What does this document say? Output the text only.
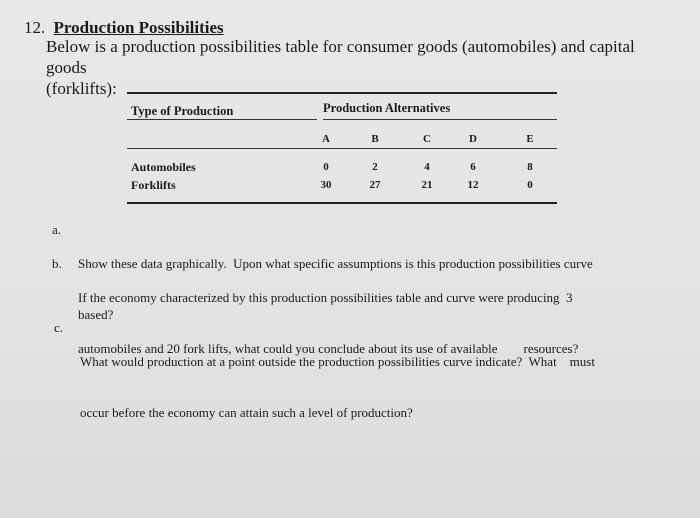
12. Production Possibilities
Below is a production possibilities table for consumer goods (automobiles) and capital goods
(forklifts):
Type of Production	Production Alternatives
A	B	C	D	E
Automobiles	0	2	4	6	8
Forklifts	30	27	21	12	0
a.

Show these data graphically.  Upon what specific assumptions is this production possibilities curve

based?

b.

If the economy characterized by this production possibilities table and curve were producing  3

automobiles and 20 fork lifts, what could you conclude about its use of available        resources?

c.

What would production at a point outside the production possibilities curve indicate?  What    must

occur before the economy can attain such a level of production?
